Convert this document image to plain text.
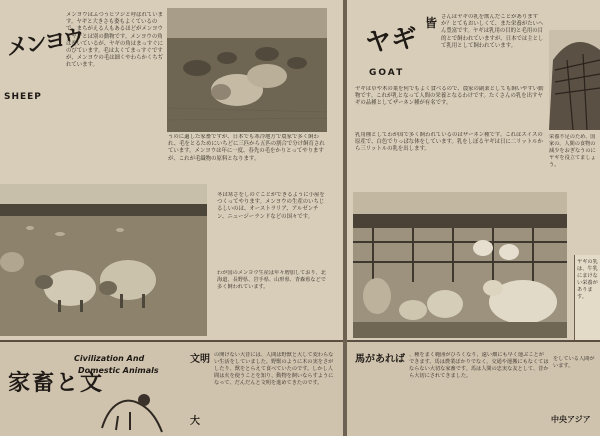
メンヨウ
SHEEP
メンヨウはふつうヒツジと呼ばれています。ヤギと大きさも姿もよくているので、まちがえる人もあるほどがメンヨウとヤギとは別の動物です。メンヨウの角は巻いているが、ヤギの角はまっすぐにのびています。毛は太くてまっすぐですが、メンヨウの毛は細くやわらかくちぢれています。
うのに適した家畜ですが、日本でも寒冷地方で農家で多く飼われ、毛をとるためにいちどに三匹から五匹の割合で分け飼育されています。メンヨウは年に一度、春先の毛をかりとってやりますが、これが毛織物の原料となります。
冬は寒さをしのぐことができるように小屋をつくってやります。メンヨウの生産のいちじるしいのは、オーストラリア、アルゼンチン、ニュージーランドなどの国々です。
わが国のメンヨウ生産は年々増加しており、北海道、長野県、岩手県、山形県、青森県などで多く飼われています。
Civilization And
Domestic Animals
家畜と文
文明 の開けない大昔には、人間は野獣と大して変わらない生活をしていました。野獣のように木の実をさがしたり、獣をとらえて食べていたのです。しかし人間は火を使うことを知り、動物を飼いならすようになって、だんだんと文明を進めてきたのです。
大
ヤギ
GOAT
皆 さんはヤギの乳を飲んだことがありますか？とてもおいしくて、また栄養がたいへん豊富です。ヤギは乳用の目的と毛用の目的とで飼われていますが、日本では主として乳用として飼われています。
ヤギは草や木の葉を何でもよく食べるので、農家の副業としても飼いやすい動物です。これが乳となって人間の栄養となるわけです。たくさんの乳を出すヤギの品種としてザーネン種が有名です。
乳用種としてわが国で多く飼われているのはザーネン種です。これはスイスの原産で、白色でりっぱな体をしています。乳をしぼるヤギは日に二リットルから三リットルの乳を出します。
栄養不足のため、国家の、人間の食物の減少をおぎなうのにヤギを役立てましょう。
ヤギの乳は、牛乳にまけない栄養があります。
馬があれば 、種をまく範囲がひろくなり、遠い畑にも早く運ぶことができます。馬は農業ばかりでなく、交通や運搬にもなくてはならない大切な家畜です。馬は人間の忠実な友として、昔から大切にされてきました。
をしている人間がいます。
中央アジア
